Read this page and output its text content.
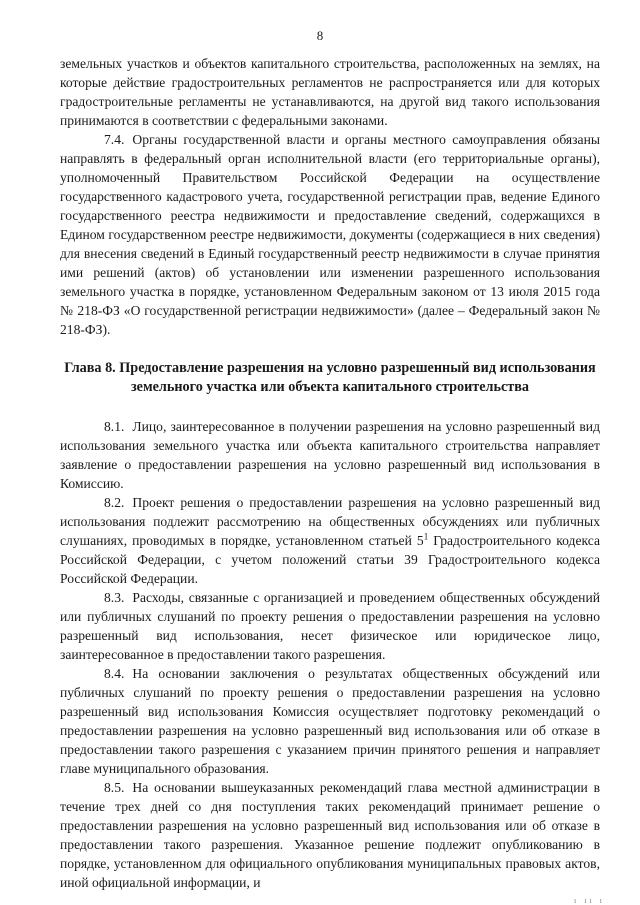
8

земельных участков и объектов капитального строительства, расположенных на землях, на которые действие градостроительных регламентов не распространяется или для которых градостроительные регламенты не устанавливаются, на другой вид такого использования принимаются в соответствии с федеральными законами.

7.4. Органы государственной власти и органы местного самоуправления обязаны направлять в федеральный орган исполнительной власти (его территориальные органы), уполномоченный Правительством Российской Федерации на осуществление государственного кадастрового учета, государственной регистрации прав, ведение Единого государственного реестра недвижимости и предоставление сведений, содержащихся в Едином государственном реестре недвижимости, документы (содержащиеся в них сведения) для внесения сведений в Единый государственный реестр недвижимости в случае принятия ими решений (актов) об установлении или изменении разрешенного использования земельного участка в порядке, установленном Федеральным законом от 13 июля 2015 года № 218-ФЗ «О государственной регистрации недвижимости» (далее – Федеральный закон № 218-ФЗ).

Глава 8. Предоставление разрешения на условно разрешенный вид использования земельного участка или объекта капитального строительства

8.1. Лицо, заинтересованное в получении разрешения на условно разрешенный вид использования земельного участка или объекта капитального строительства направляет заявление о предоставлении разрешения на условно разрешенный вид использования в Комиссию.

8.2. Проект решения о предоставлении разрешения на условно разрешенный вид использования подлежит рассмотрению на общественных обсуждениях или публичных слушаниях, проводимых в порядке, установленном статьей $5^1$ Градостроительного кодекса Российской Федерации, с учетом положений статьи 39 Градостроительного кодекса Российской Федерации.

8.3. Расходы, связанные с организацией и проведением общественных обсуждений или публичных слушаний по проекту решения о предоставлении разрешения на условно разрешенный вид использования, несет физическое или юридическое лицо, заинтересованное в предоставлении такого разрешения.

8.4. На основании заключения о результатах общественных обсуждений или публичных слушаний по проекту решения о предоставлении разрешения на условно разрешенный вид использования Комиссия осуществляет подготовку рекомендаций о предоставлении разрешения на условно разрешенный вид использования или об отказе в предоставлении такого разрешения с указанием причин принятого решения и направляет главе муниципального образования.

8.5. На основании вышеуказанных рекомендаций глава местной администрации в течение трех дней со дня поступления таких рекомендаций принимает решение о предоставлении разрешения на условно разрешенный вид использования или об отказе в предоставлении такого разрешения. Указанное решение подлежит опубликованию в порядке, установленном для официального опубликования муниципальных правовых актов, иной официальной информации, и

ı ıı ı
